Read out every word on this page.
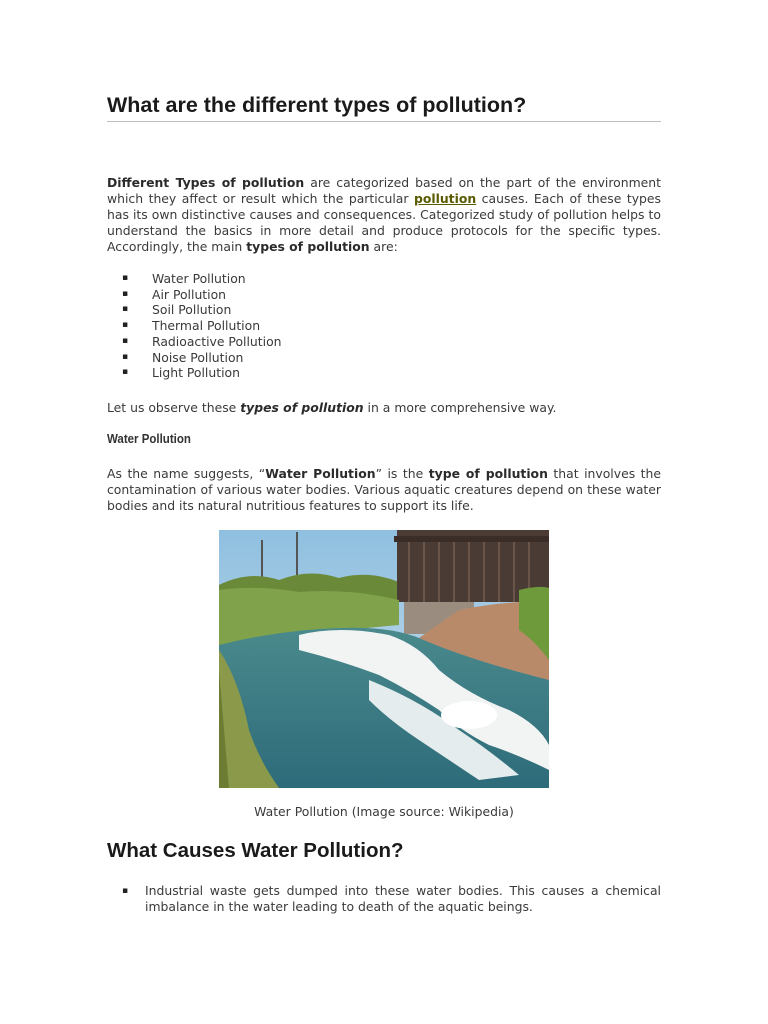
What are the different types of pollution?

Different Types of pollution are categorized based on the part of the environment which they affect or result which the particular pollution causes. Each of these types has its own distinctive causes and consequences. Categorized study of pollution helps to understand the basics in more detail and produce protocols for the specific types. Accordingly, the main types of pollution are:

▪ Water Pollution
▪ Air Pollution
▪ Soil Pollution
▪ Thermal Pollution
▪ Radioactive Pollution
▪ Noise Pollution
▪ Light Pollution

Let us observe these types of pollution in a more comprehensive way.

Water Pollution

As the name suggests, “Water Pollution” is the type of pollution that involves the contamination of various water bodies. Various aquatic creatures depend on these water bodies and its natural nutritious features to support its life.

Water Pollution (Image source: Wikipedia)
What Causes Water Pollution?
▪ Industrial waste gets dumped into these water bodies. This causes a chemical imbalance in the water leading to death of the aquatic beings.
